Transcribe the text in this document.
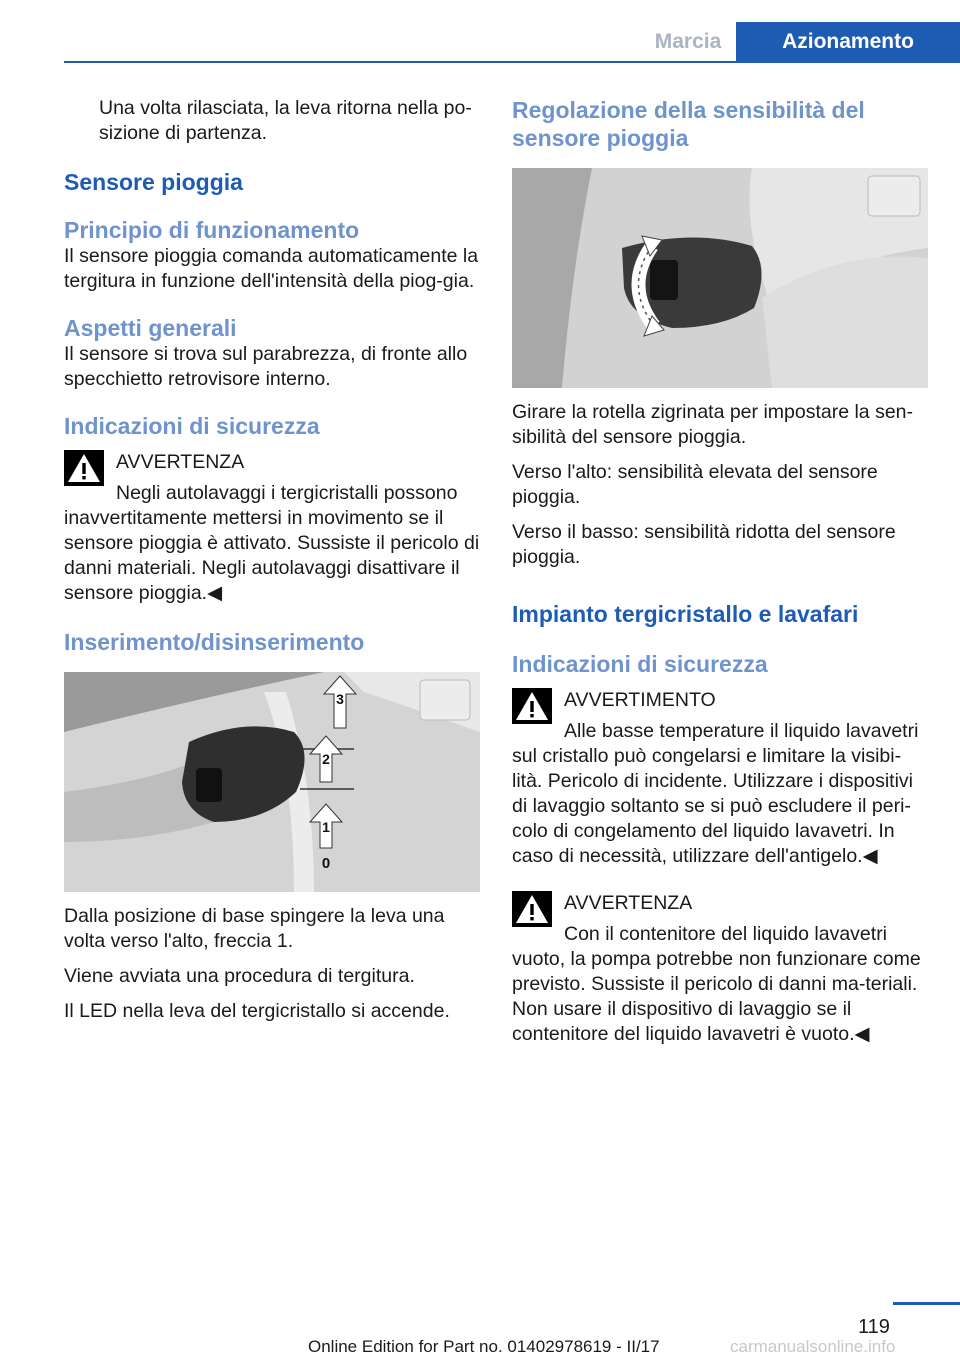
Marcia	Azionamento

Una volta rilasciata, la leva ritorna nella po-sizione di partenza.

Sensore pioggia
Principio di funzionamento

Il sensore pioggia comanda automaticamente la tergitura in funzione dell'intensità della piog-gia.

Aspetti generali

Il sensore si trova sul parabrezza, di fronte allo specchietto retrovisore interno.

Indicazioni di sicurezza

AVVERTENZA

Negli autolavaggi i tergicristalli possono

inavvertitamente mettersi in movimento se il sensore pioggia è attivato. Sussiste il pericolo di danni materiali. Negli autolavaggi disattivare il sensore pioggia.◀

Inserimento/disinserimento
3
2
1
0

Dalla posizione di base spingere la leva una volta verso l'alto, freccia 1.

Viene avviata una procedura di tergitura.

Il LED nella leva del tergicristallo si accende.

Regolazione della sensibilità del sensore pioggia

Girare la rotella zigrinata per impostare la sen-sibilità del sensore pioggia.

Verso l'alto: sensibilità elevata del sensore pioggia.

Verso il basso: sensibilità ridotta del sensore pioggia.

Impianto tergicristallo e lavafari
Indicazioni di sicurezza

AVVERTIMENTO

Alle basse temperature il liquido lavavetri

sul cristallo può congelarsi e limitare la visibi-lità. Pericolo di incidente. Utilizzare i dispositivi di lavaggio soltanto se si può escludere il peri-colo di congelamento del liquido lavavetri. In caso di necessità, utilizzare dell'antigelo.◀

AVVERTENZA

Con il contenitore del liquido lavavetri

vuoto, la pompa potrebbe non funzionare come previsto. Sussiste il pericolo di danni ma-teriali. Non usare il dispositivo di lavaggio se il contenitore del liquido lavavetri è vuoto.◀

119
Online Edition for Part no. 01402978619 - II/17	carmanualsonline.info
